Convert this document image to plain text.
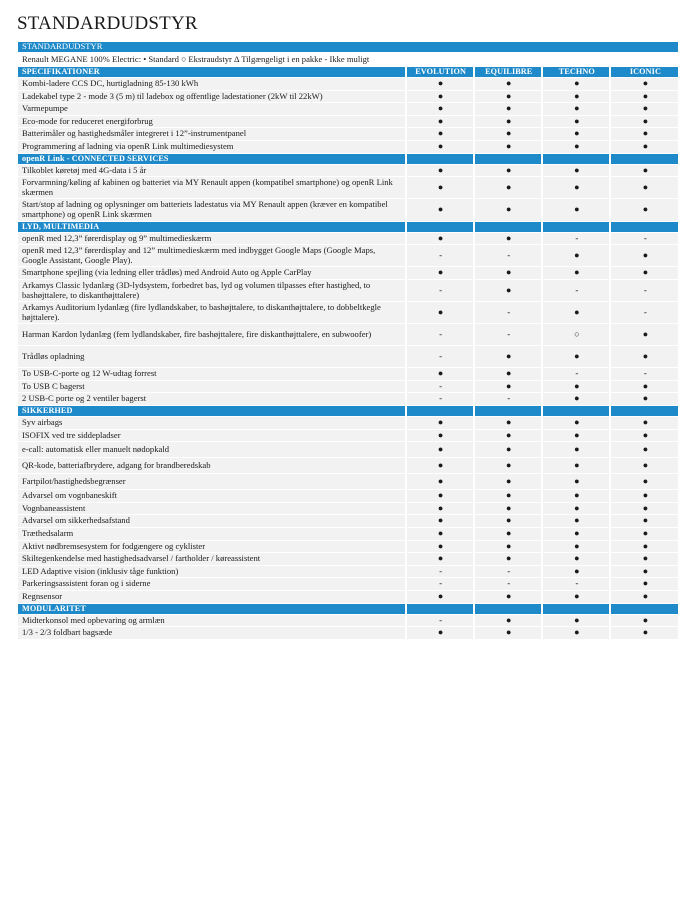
STANDARDUDSTYR
STANDARDUDSTYR				
Renault MEGANE 100% Electric: • Standard ○ Ekstraudstyr Δ Tilgængeligt i en pakke - Ikke muligt				
SPECIFIKATIONER	EVOLUTION	EQUILIBRE	TECHNO	ICONIC
Kombi-ladere CCS DC, hurtigladning 85-130 kWh	●	●	●	●
Ladekabel type 2 - mode 3 (5 m) til ladebox og offentlige ladestationer (2kW til 22kW)	●	●	●	●
Varmepumpe	●	●	●	●
Eco-mode for reduceret energiforbrug	●	●	●	●
Batterimåler og hastighedsmåler integreret i 12”-instrumentpanel	●	●	●	●
Programmering af ladning via openR Link multimediesystem	●	●	●	●
openR Link - CONNECTED SERVICES				
Tilkoblet køretøj med 4G-data i 5 år	●	●	●	●
Forvarmning/køling af kabinen og batteriet via MY Renault appen (kompatibel smartphone) og openR Link skærmen	●	●	●	●
Start/stop af ladning og oplysninger om batteriets ladestatus via MY Renault appen (kræver en kompatibel smartphone) og openR Link skærmen	●	●	●	●
LYD, MULTIMEDIA				
openR med 12,3” førerdisplay og 9” multimedieskærm	●	●	-	-
openR med 12,3” førerdisplay and 12” multimedieskærm med indbygget Google Maps (Google Maps, Google Assistant, Google Play).	-	-	●	●
Smartphone spejling (via ledning eller trådløs) med Android Auto og Apple CarPlay	●	●	●	●
Arkamys Classic lydanlæg (3D-lydsystem, forbedret bas, lyd og volumen tilpasses efter hastighed, to bashøjttalere, to diskanthøjttalere)	-	●	-	-
Arkamys Auditorium lydanlæg (fire lydlandskaber, to bashøjttalere, to diskanthøjttalere, to dobbeltkegle højttalere).	●	-	●	-
Harman Kardon lydanlæg (fem lydlandskaber, fire bashøjttalere, fire diskanthøjttalere, en subwoofer)	-	-	○	●
Trådløs opladning	-	●	●	●
To USB-C-porte og 12 W-udtag forrest	●	●	-	-
To USB C bagerst	-	●	●	●
2 USB-C porte og 2 ventiler bagerst	-	-	●	●
SIKKERHED				
Syv airbags	●	●	●	●
ISOFIX ved tre siddepladser	●	●	●	●
e-call: automatisk eller manuelt nødopkald	●	●	●	●
QR-kode, batteriafbrydere, adgang for brandberedskab	●	●	●	●
Fartpilot/hastighedsbegrænser	●	●	●	●
Advarsel om vognbaneskift	●	●	●	●
Vognbaneassistent	●	●	●	●
Advarsel om sikkerhedsafstand	●	●	●	●
Træthedsalarm	●	●	●	●
Aktivt nødbremsesystem for fodgængere og cyklister	●	●	●	●
Skiltegenkendelse med hastighedsadvarsel / fartholder / køreassistent	●	●	●	●
LED Adaptive vision (inklusiv tåge funktion)	-	-	●	●
Parkeringsassistent foran og i siderne	-	-	-	●
Regnsensor	●	●	●	●
MODULARITET				
Midterkonsol med opbevaring og armlæn	-	●	●	●
1/3 - 2/3 foldbart bagsæde	●	●	●	●
